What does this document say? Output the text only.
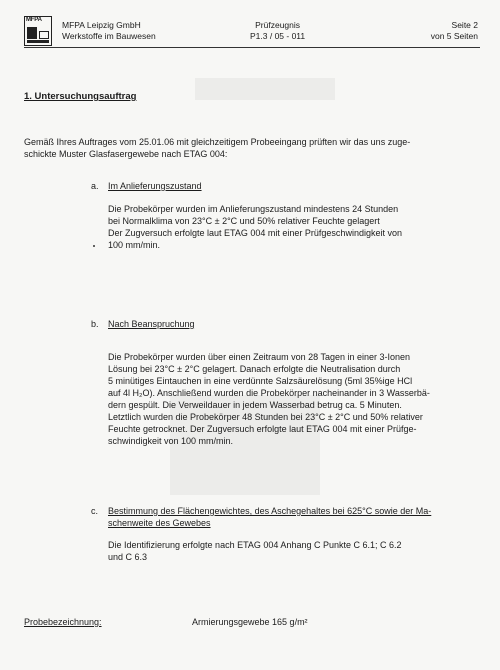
MFPA MFPA Leipzig GmbH
Werkstoffe im Bauwesen
Prüfzeugnis
P1.3 / 05 - 011
Seite 2
von 5 Seiten
1. Untersuchungsauftrag
Gemäß Ihres Auftrages vom 25.01.06 mit gleichzeitigem Probeeingang prüften wir das uns zuge-
schickte Muster Glasfasergewebe nach ETAG 004:
a. Im Anlieferungszustand
Die Probekörper wurden im Anlieferungszustand mindestens 24 Stunden
bei Normalklima von 23°C ± 2°C und 50% relativer Feuchte gelagert
Der Zugversuch erfolgte laut ETAG 004 mit einer Prüfgeschwindigkeit von
100 mm/min.
b. Nach Beanspruchung
Die Probekörper wurden über einen Zeitraum von 28 Tagen in einer 3-Ionen
Lösung bei 23°C ± 2°C gelagert. Danach erfolgte die Neutralisation durch
5 minütiges Eintauchen in eine verdünnte Salzsäurelösung (5ml 35%ige HCl
auf 4l H₂O). Anschließend wurden die Probekörper nacheinander in 3 Wasserbä-
dern gespült. Die Verweildauer in jedem Wasserbad betrug ca. 5 Minuten.
Letztlich wurden die Probekörper 48 Stunden bei 23°C ± 2°C und 50% relativer
Feuchte getrocknet. Der Zugversuch erfolgte laut ETAG 004 mit einer Prüfge-
schwindigkeit von 100 mm/min.
c. Bestimmung des Flächengewichtes, des Aschegehaltes bei 625°C sowie der Ma-
schenweite des Gewebes
Die Identifizierung erfolgte nach ETAG 004 Anhang C Punkte C 6.1; C 6.2
und C 6.3
Probebezeichnung:	Armierungsgewebe 165 g/m²
